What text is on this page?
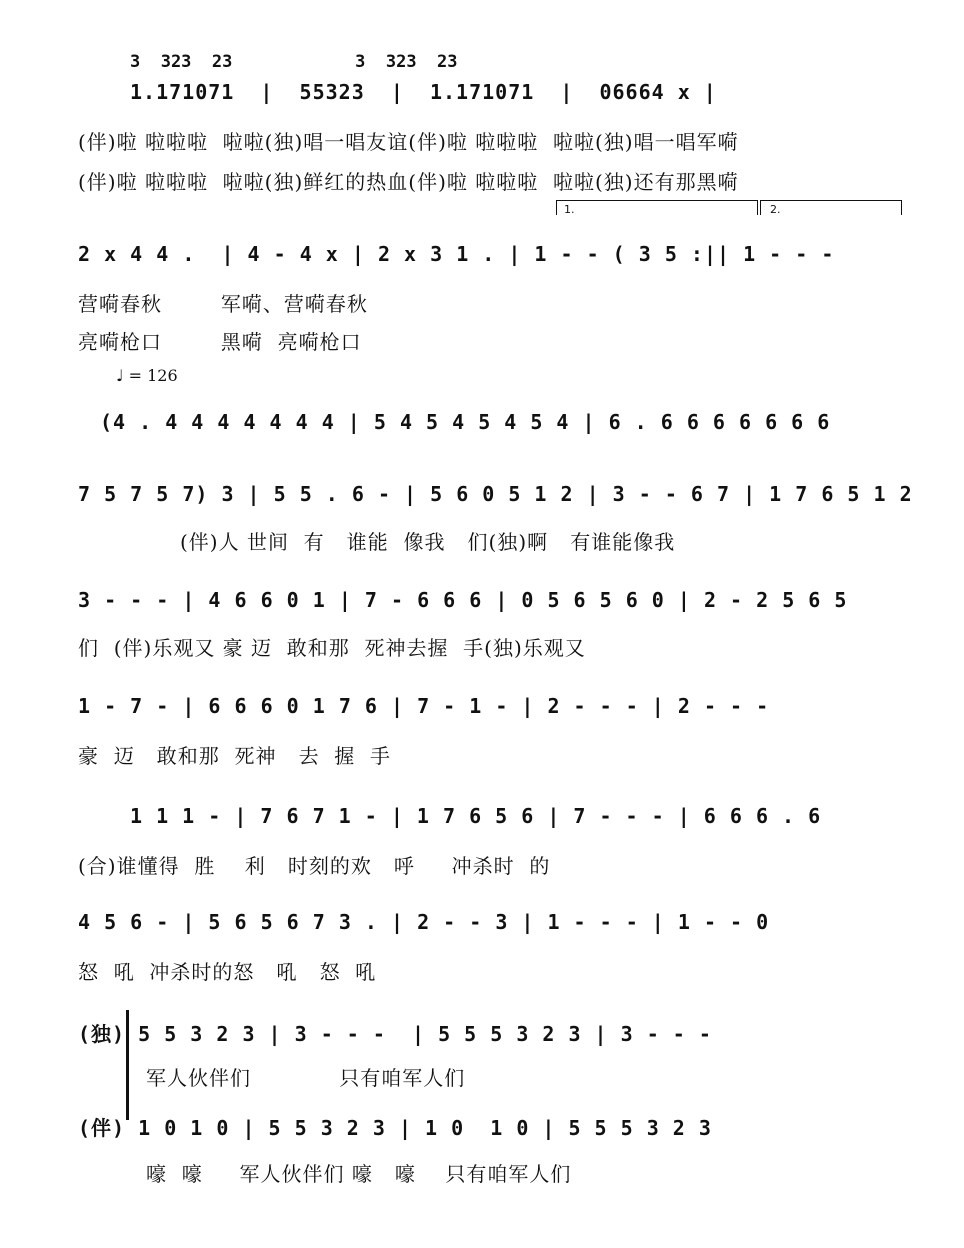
3  323  23            3  323  23
1.171071  |  55323  |  1.171071  |  06664 x |
(伴)啦 啦啦啦  啦啦(独)唱一唱友谊(伴)啦 啦啦啦  啦啦(独)唱一唱军嗬
(伴)啦 啦啦啦  啦啦(独)鲜红的热血(伴)啦 啦啦啦  啦啦(独)还有那黑嗬
1.	2.
2 x 4 4 .  | 4 - 4 x | 2 x 3 1 . | 1 - - ( 3 5 :|| 1 - - -
营嗬春秋        军嗬、营嗬春秋
亮嗬枪口        黑嗬  亮嗬枪口
♩ = 126
(4 . 4 4 4 4 4 4 4 | 5 4 5 4 5 4 5 4 | 6 . 6 6 6 6 6 6 6
7 5 7 5 7) 3 | 5 5 . 6 - | 5 6 0 5 1 2 | 3 - - 6 7 | 1 7 6 5 1 2
(伴)人 世间  有   谁能  像我   们(独)啊   有谁能像我
3 - - - | 4 6 6 0 1 | 7 - 6 6 6 | 0 5 6 5 6 0 | 2 - 2 5 6 5
们  (伴)乐观又 豪 迈  敢和那  死神去握  手(独)乐观又
1 - 7 - | 6 6 6 0 1 7 6 | 7 - 1 - | 2 - - - | 2 - - -
豪  迈   敢和那  死神   去  握  手
1 1 1 - | 7 6 7 1 - | 1 7 6 5 6 | 7 - - - | 6 6 6 . 6
(合)谁懂得  胜    利   时刻的欢   呼     冲杀时  的
4 5 6 - | 5 6 5 6 7 3 . | 2 - - 3 | 1 - - - | 1 - - 0
怒  吼  冲杀时的怒   吼   怒  吼
(独) 5 5 3 2 3 | 3 - - -  | 5 5 5 3 2 3 | 3 - - -
军人伙伴们            只有咱军人们
(伴) 1 0 1 0 | 5 5 3 2 3 | 1 0  1 0 | 5 5 5 3 2 3
嚎  嚎     军人伙伴们 嚎   嚎    只有咱军人们
